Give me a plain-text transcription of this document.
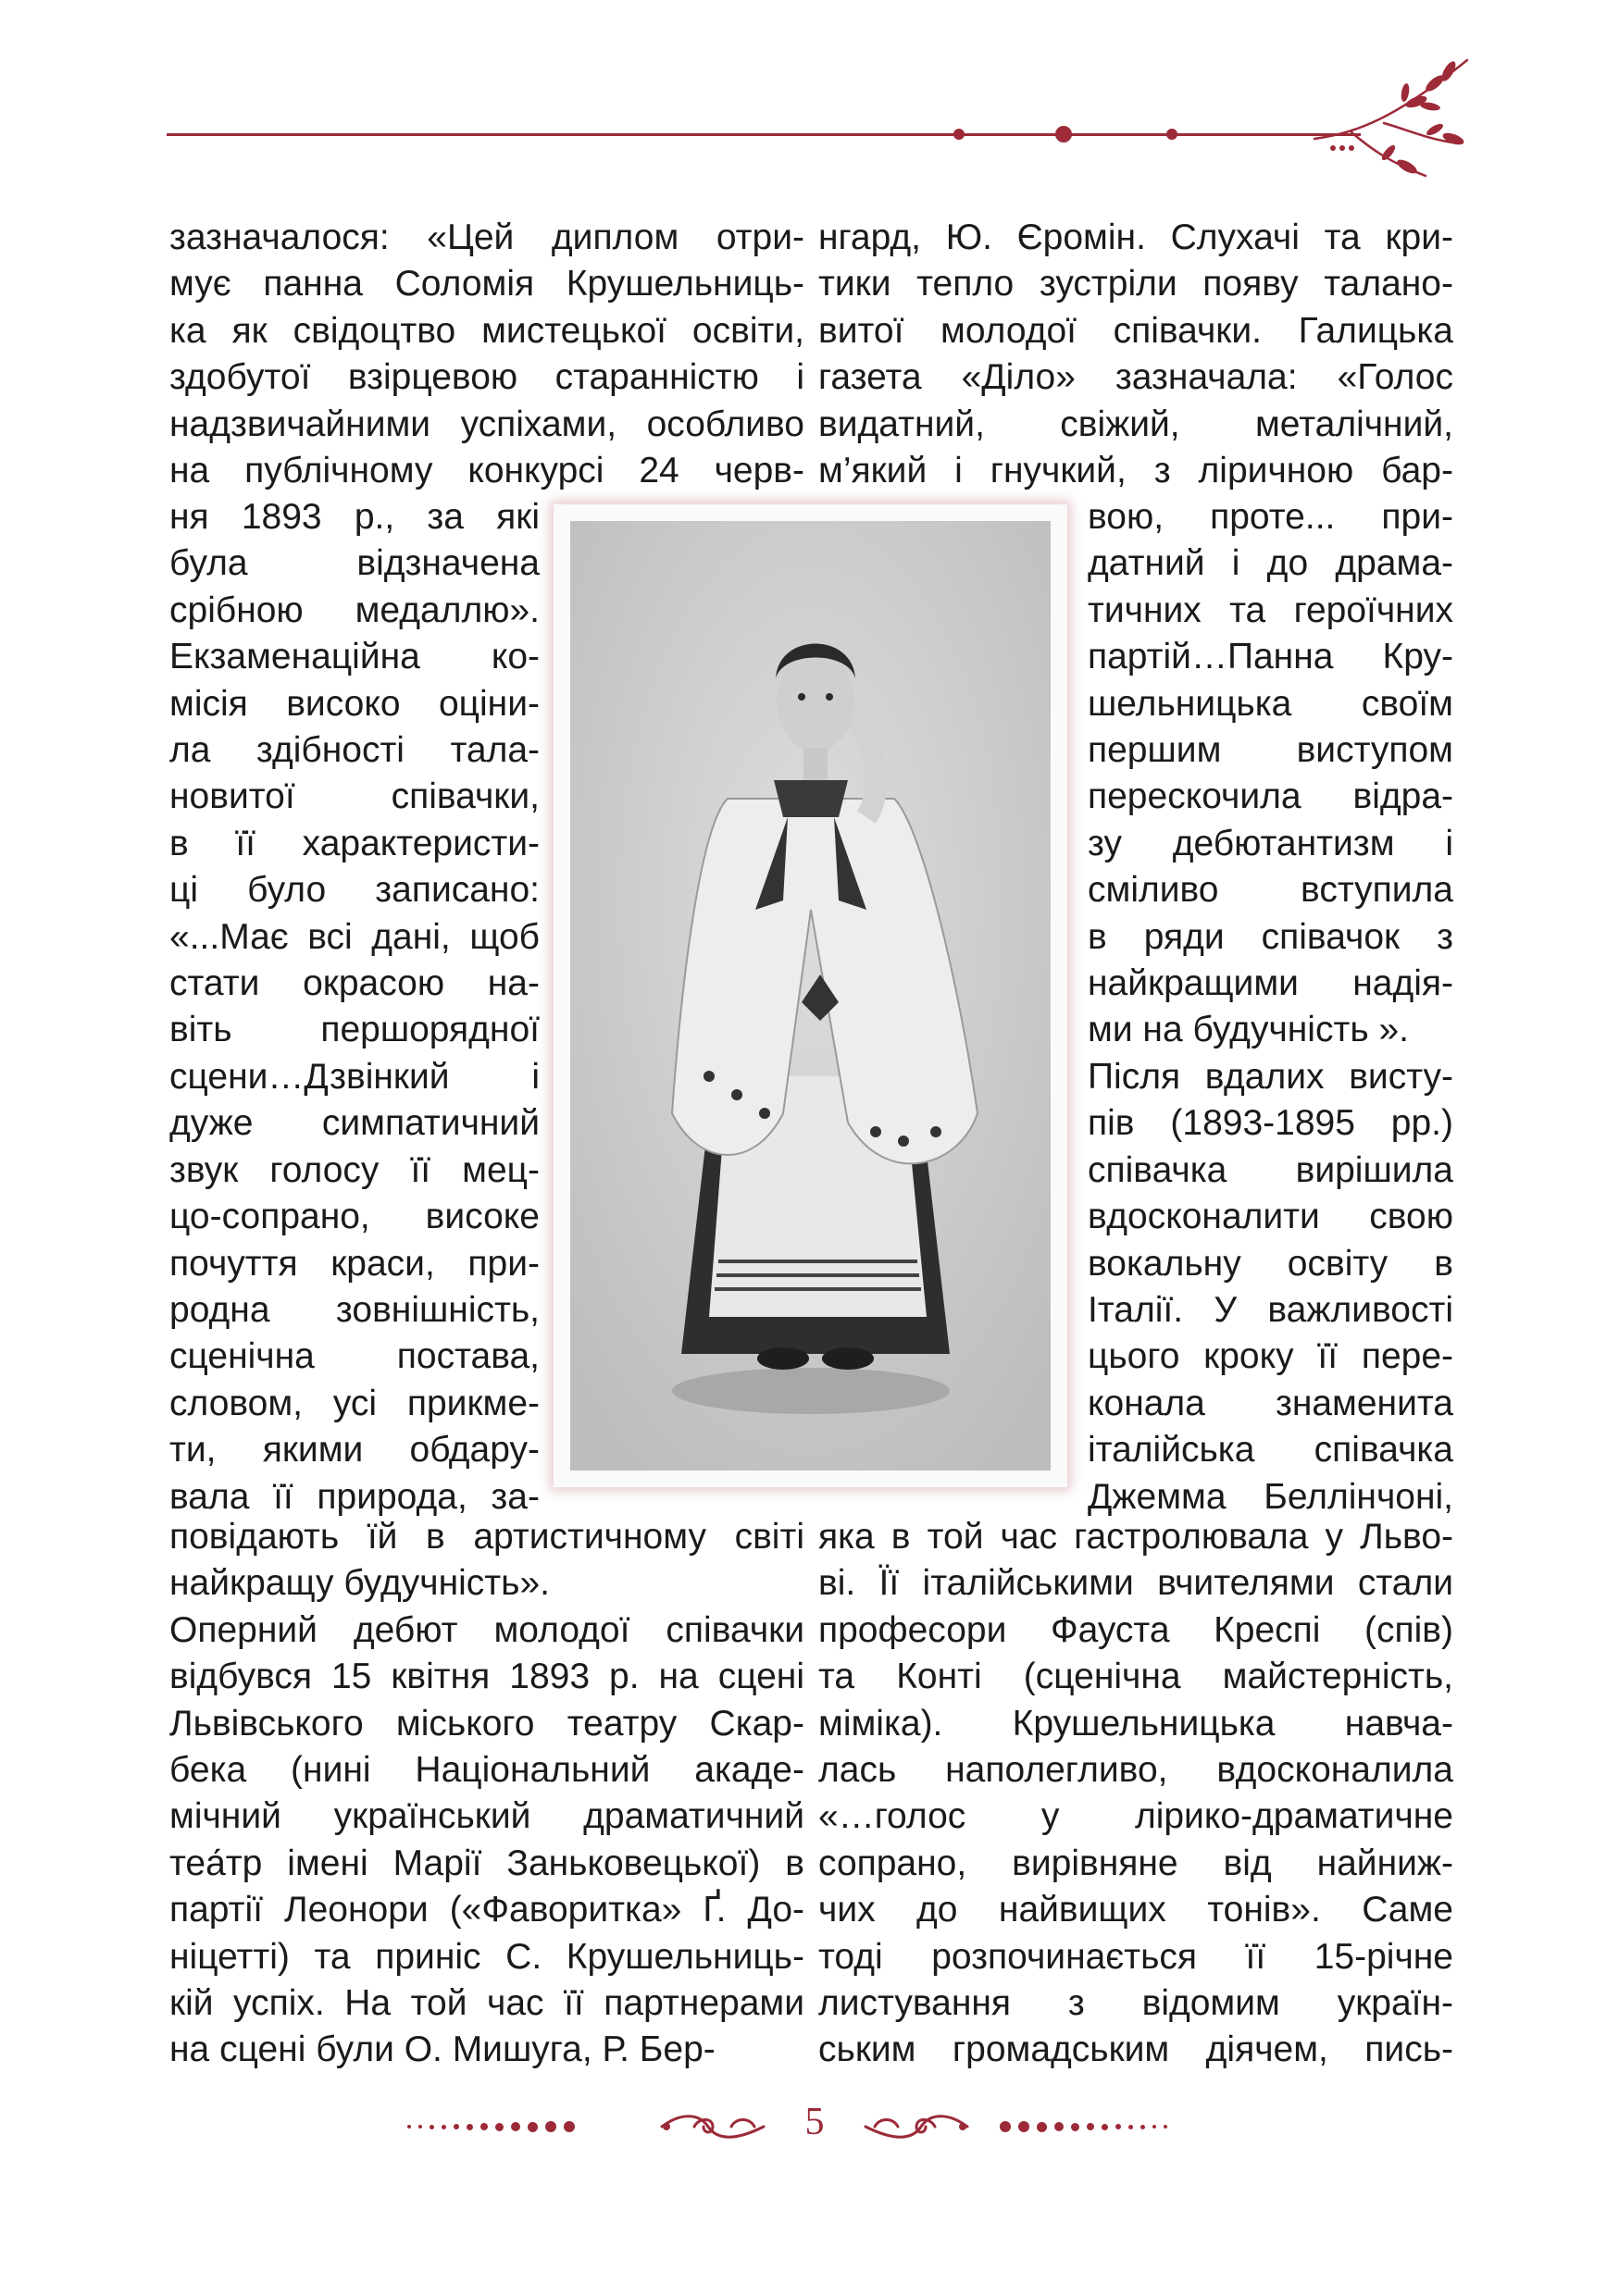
зазначалося: «Цей диплом отри-
мує панна Соломія Крушельниць-
ка як свідоцтво мистецької освіти,
здобутої взірцевою старанністю і
надзвичайними успіхами, особливо
на публічному конкурсі 24 черв-
нгард, Ю. Єромін. Слухачі та кри-
тики тепло зустріли появу талано-
витої молодої співачки. Галицька
газета «Діло» зазначала: «Голос
видатний, свіжий, металічний,
м’який і гнучкий, з ліричною бар-
ня 1893 р., за які
була відзначена
срібною медаллю».
Екзаменаційна ко-
місія високо оціни-
ла здібності тала-
новитої співачки,
в її характеристи-
ці було записано:
«...Має всі дані, щоб
стати окрасою на-
віть першорядної
сцени…Дзвінкий і
дуже симпатичний
звук голосу її мец-
цо-сопрано, високе
почуття краси, при-
родна зовнішність,
сценічна постава,
словом, усі прикме-
ти, якими обдару-
вала її природа, за-
вою, проте... при-
датний і до драма-
тичних та героїчних
партій…Панна Кру-
шельницька своїм
першим виступом
перескочила відра-
зу дебютантизм і
сміливо вступила
в ряди співачок з
найкращими надія-
ми на будучність ».
Після вдалих висту-
пів (1893-1895 рр.)
співачка вирішила
вдосконалити свою
вокальну освіту в
Італії. У важливості
цього кроку її пере-
конала знаменита
італійська співачка
Джемма Беллінчоні,
повідають їй в артистичному світі
найкращу будучність».
Оперний дебют молодої співачки
відбувся 15 квітня 1893 р. на сцені
Львівського міського театру Скар-
бека (нині Національний акаде-
мічний український драматичний
теа́тр імені Марії Заньковецької) в
партії Леонори («Фаворитка» Ґ. До-
ніцетті) та приніс С. Крушельниць-
кій успіх. На той час її партнерами
на сцені були О. Мишуга, Р. Бер-
яка в той час гастролювала у Льво-
ві. Її італійськими вчителями стали
професори Фауста Креспі (спів)
та Конті (сценічна майстерність,
міміка). Крушельницька навча-
лась наполегливо, вдосконалила
«…голос у лірико-драматичне
сопрано, вирівняне від найниж-
чих до найвищих тонів». Саме
тоді розпочинається її 15-річне
листування з відомим україн-
ським громадським діячем, пись-
5
